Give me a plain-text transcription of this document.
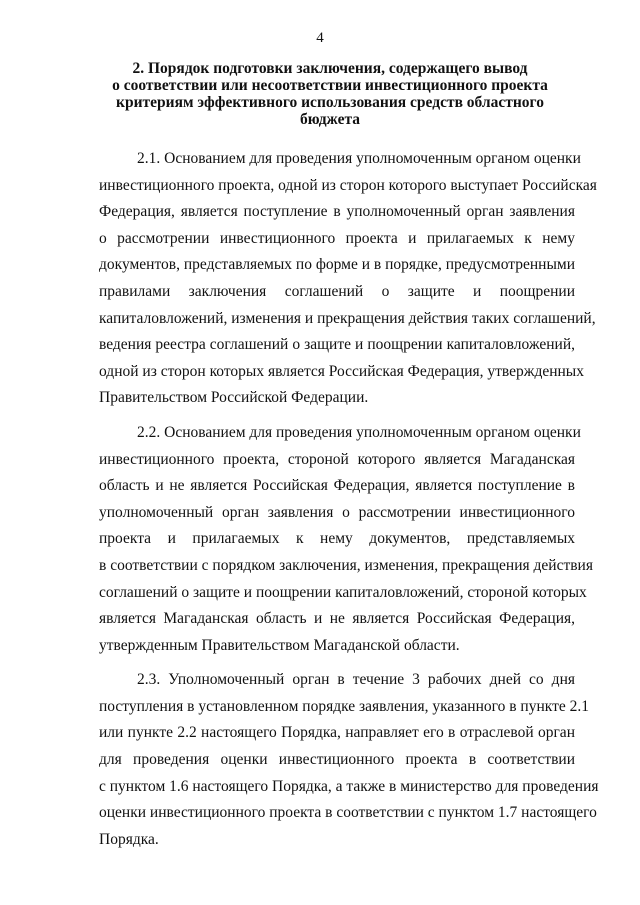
4
2. Порядок подготовки заключения, содержащего вывод
о соответствии или несоответствии инвестиционного проекта
критериям эффективного использования средств областного
бюджета
2.1. Основанием для проведения уполномоченным органом оценки
инвестиционного проекта, одной из сторон которого выступает Российская
Федерация, является поступление в уполномоченный орган заявления
о рассмотрении инвестиционного проекта и прилагаемых к нему
документов, представляемых по форме и в порядке, предусмотренными
правилами заключения соглашений о защите и поощрении
капиталовложений, изменения и прекращения действия таких соглашений,
ведения реестра соглашений о защите и поощрении капиталовложений,
одной из сторон которых является Российская Федерация, утвержденных
Правительством Российской Федерации.
2.2. Основанием для проведения уполномоченным органом оценки
инвестиционного проекта, стороной которого является Магаданская
область и не является Российская Федерация, является поступление в
уполномоченный орган заявления о рассмотрении инвестиционного
проекта и прилагаемых к нему документов, представляемых
в соответствии с порядком заключения, изменения, прекращения действия
соглашений о защите и поощрении капиталовложений, стороной которых
является Магаданская область и не является Российская Федерация,
утвержденным Правительством Магаданской области.
2.3. Уполномоченный орган в течение 3 рабочих дней со дня
поступления в установленном порядке заявления, указанного в пункте 2.1
или пункте 2.2 настоящего Порядка, направляет его в отраслевой орган
для проведения оценки инвестиционного проекта в соответствии
с пунктом 1.6 настоящего Порядка, а также в министерство для проведения
оценки инвестиционного проекта в соответствии с пунктом 1.7 настоящего
Порядка.
